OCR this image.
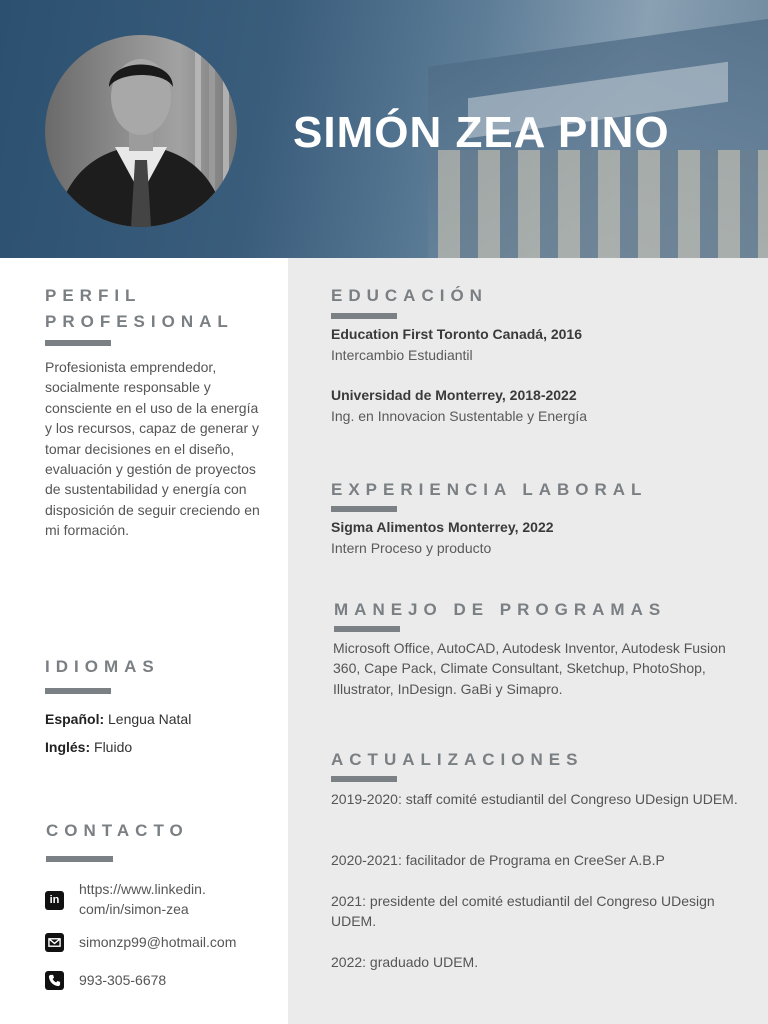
SIMÓN ZEA PINO
PERFIL
PROFESIONAL
Profesionista emprendedor, socialmente responsable y consciente en el uso de la energía y los recursos, capaz de generar y tomar decisiones en el diseño, evaluación y gestión de proyectos de sustentabilidad y energía con disposición de seguir creciendo en mi formación.
IDIOMAS
Español: Lengua Natal
Inglés: Fluido
CONTACTO
in
https://www.linkedin.
com/in/simon-zea
simonzp99@hotmail.com
993-305-6678
EDUCACIÓN
Education First Toronto Canadá, 2016
Intercambio Estudiantil
Universidad de Monterrey, 2018-2022
Ing. en Innovacion Sustentable y Energía
EXPERIENCIA LABORAL
Sigma Alimentos Monterrey, 2022
Intern Proceso y producto
MANEJO DE PROGRAMAS
Microsoft Office, AutoCAD, Autodesk Inventor, Autodesk Fusion 360, Cape Pack, Climate Consultant, Sketchup, PhotoShop, Illustrator, InDesign. GaBi y Simapro.
ACTUALIZACIONES
2019-2020: staff comité estudiantil del Congreso UDesign UDEM.
2020-2021: facilitador de Programa en CreeSer A.B.P
2021: presidente del comité estudiantil del Congreso UDesign UDEM.
2022: graduado UDEM.
